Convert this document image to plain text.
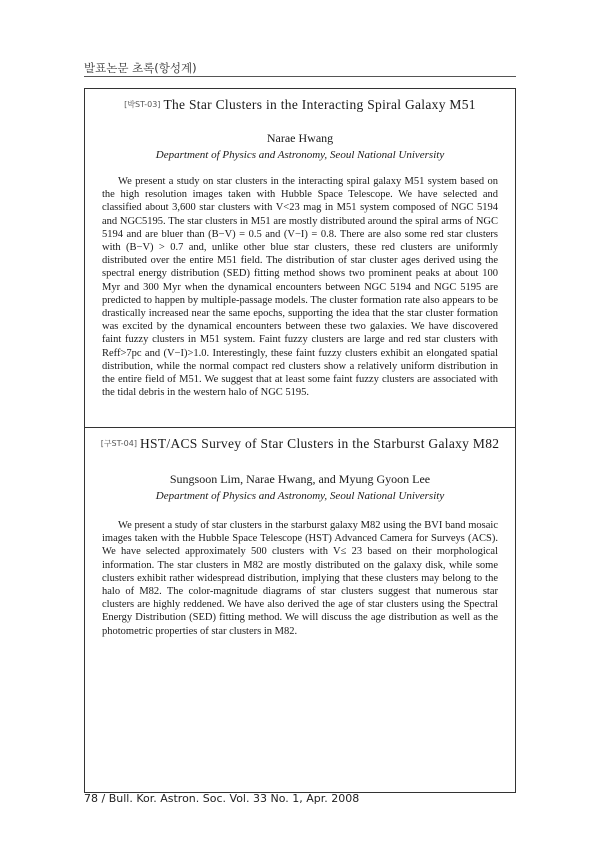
발표논문 초록(항성계)
[박ST-03] The Star Clusters in the Interacting Spiral Galaxy M51
Narae Hwang
Department of Physics and Astronomy, Seoul National University

We present a study on star clusters in the interacting spiral galaxy M51 system based on the high resolution images taken with Hubble Space Telescope. We have selected and classified about 3,600 star clusters with V<23 mag in M51 system composed of NGC 5194 and NGC5195. The star clusters in M51 are mostly distributed around the spiral arms of NGC 5194 and are bluer than (B−V) = 0.5 and (V−I) = 0.8. There are also some red star clusters with (B−V) > 0.7 and, unlike other blue star clusters, these red clusters are uniformly distributed over the entire M51 field. The distribution of star cluster ages derived using the spectral energy distribution (SED) fitting method shows two prominent peaks at about 100 Myr and 300 Myr when the dynamical encounters between NGC 5194 and NGC 5195 are predicted to happen by multiple-passage models. The cluster formation rate also appears to be drastically increased near the same epochs, supporting the idea that the star cluster formation was excited by the dynamical encounters between these two galaxies. We have discovered faint fuzzy clusters in M51 system. Faint fuzzy clusters are large and red star clusters with Reff>7pc and (V−I)>1.0. Interestingly, these faint fuzzy clusters exhibit an elongated spatial distribution, while the normal compact red clusters show a relatively uniform distribution in the entire field of M51. We suggest that at least some faint fuzzy clusters are associated with the tidal debris in the western halo of NGC 5195.

[구ST-04] HST/ACS Survey of Star Clusters in the Starburst Galaxy M82
Sungsoon Lim, Narae Hwang, and Myung Gyoon Lee
Department of Physics and Astronomy, Seoul National University

We present a study of star clusters in the starburst galaxy M82 using the BVI band mosaic images taken with the Hubble Space Telescope (HST) Advanced Camera for Surveys (ACS). We have selected approximately 500 clusters with V≤ 23 based on their morphological information. The star clusters in M82 are mostly distributed on the galaxy disk, while some clusters exhibit rather widespread distribution, implying that these clusters may belong to the halo of M82. The color-magnitude diagrams of star clusters suggest that numerous star clusters are highly reddened. We have also derived the age of star clusters using the Spectral Energy Distribution (SED) fitting method. We will discuss the age distribution as well as the photometric properties of star clusters in M82.

78 / Bull. Kor. Astron. Soc. Vol. 33 No. 1, Apr. 2008
